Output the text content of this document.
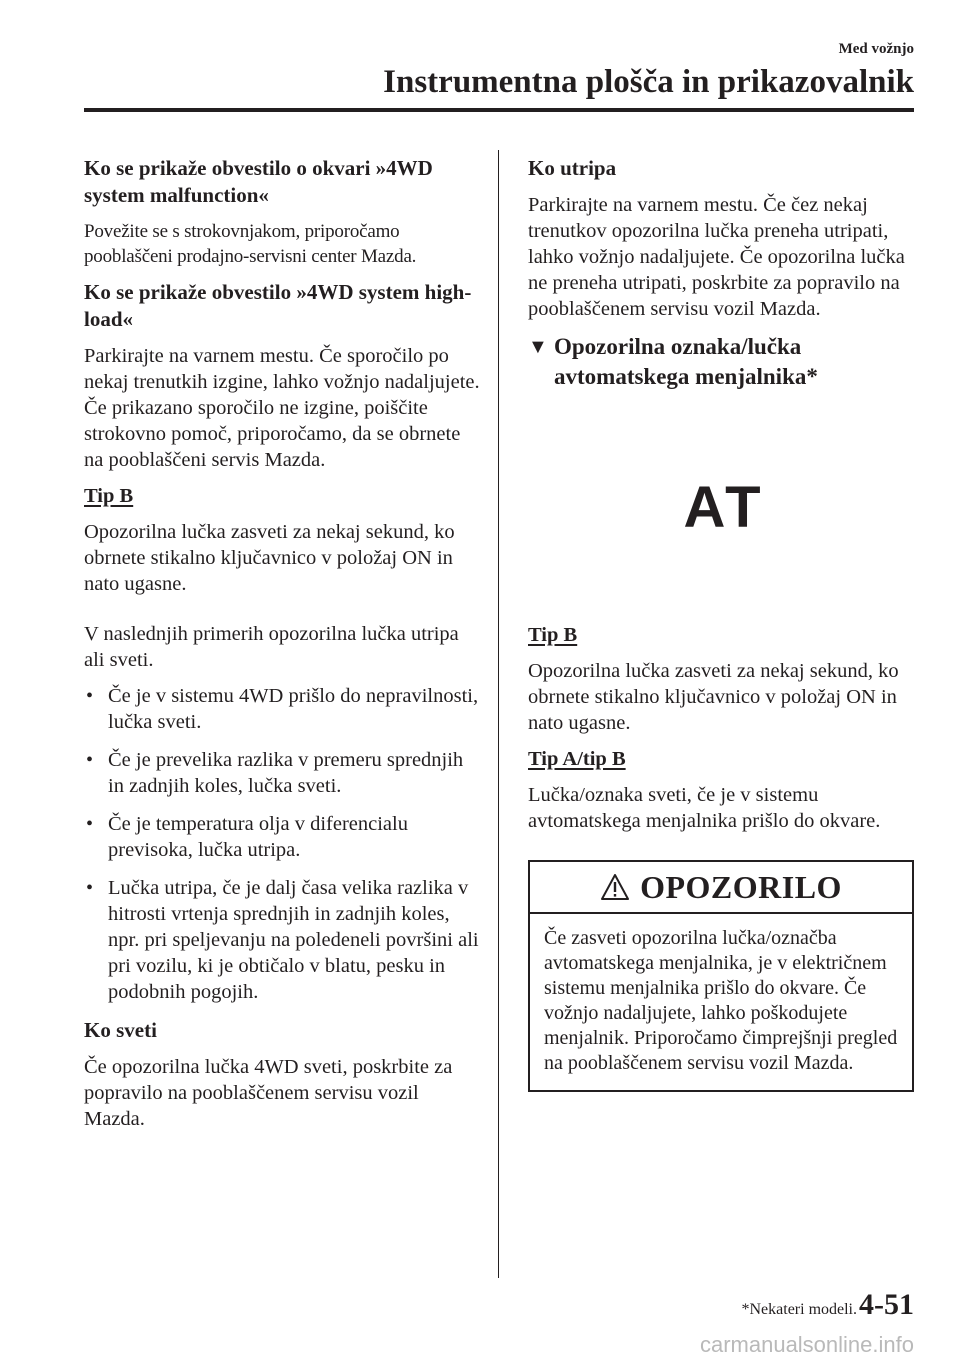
Med vožnjo
Instrumentna plošča in prikazovalnik
Ko se prikaže obvestilo o okvari »4WD system malfunction«

Povežite se s strokovnjakom, priporočamo pooblaščeni prodajno-servisni center Mazda.

Ko se prikaže obvestilo »4WD system high-load«

Parkirajte na varnem mestu. Če sporočilo po nekaj trenutkih izgine, lahko vožnjo nadaljujete. Če prikazano sporočilo ne izgine, poiščite strokovno pomoč, priporočamo, da se obrnete na pooblaščeni servis Mazda.

Tip B

Opozorilna lučka zasveti za nekaj sekund, ko obrnete stikalno ključavnico v položaj ON in nato ugasne.

V naslednjih primerih opozorilna lučka utripa ali sveti.

• Če je v sistemu 4WD prišlo do nepravilnosti, lučka sveti.
• Če je prevelika razlika v premeru sprednjih in zadnjih koles, lučka sveti.
• Če je temperatura olja v diferencialu previsoka, lučka utripa.
• Lučka utripa, če je dalj časa velika razlika v hitrosti vrtenja sprednjih in zadnjih koles, npr. pri speljevanju na poledeneli površini ali pri vozilu, ki je obtičalo v blatu, pesku in podobnih pogojih.
Ko sveti

Če opozorilna lučka 4WD sveti, poskrbite za popravilo na pooblaščenem servisu vozil Mazda.

Ko utripa

Parkirajte na varnem mestu. Če čez nekaj trenutkov opozorilna lučka preneha utripati, lahko vožnjo nadaljujete. Če opozorilna lučka ne preneha utripati, poskrbite za popravilo na pooblaščenem servisu vozil Mazda.

▼ Opozorilna oznaka/lučka avtomatskega menjalnika*
AT
Tip B

Opozorilna lučka zasveti za nekaj sekund, ko obrnete stikalno ključavnico v položaj ON in nato ugasne.

Tip A/tip B

Lučka/oznaka sveti, če je v sistemu avtomatskega menjalnika prišlo do okvare.

OPOZORILO

Če zasveti opozorilna lučka/označba avtomatskega menjalnika, je v električnem sistemu menjalnika prišlo do okvare. Če vožnjo nadaljujete, lahko poškodujete menjalnik. Priporočamo čimprejšnji pregled na pooblaščenem servisu vozil Mazda.

*Nekateri modeli. 4-51
carmanualsonline.info
